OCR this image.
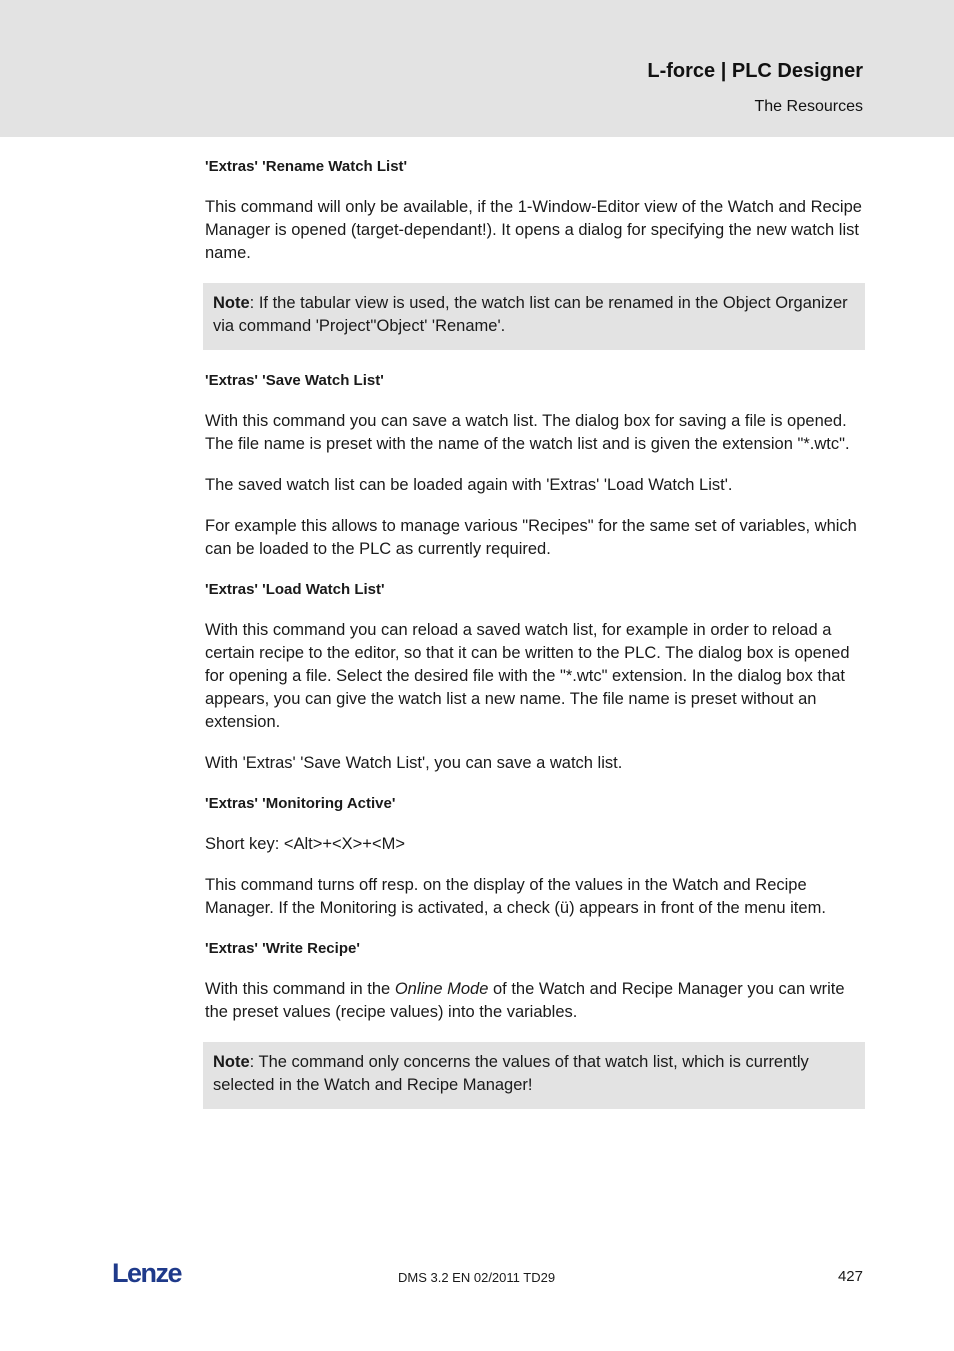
L-force | PLC Designer
The Resources
'Extras' 'Rename Watch List'

This command will only be available, if the 1-Window-Editor view of the Watch and Recipe Manager is opened (target-dependant!). It opens a dialog for specifying the new watch list name.

Note: If the tabular view is used, the watch list can be renamed in the Object Organizer via command 'Project''Object' 'Rename'.
'Extras' 'Save Watch List'

With this command you can save a watch list. The dialog box for saving a file is opened. The file name is preset with the name of the watch list and is given the extension "*.wtc".

The saved watch list can be loaded again with 'Extras' 'Load Watch List'.

For example this allows to manage various "Recipes" for the same set of variables, which can be loaded to the PLC as currently required.

'Extras' 'Load Watch List'

With this command you can reload a saved watch list, for example in order to reload a certain recipe to the editor, so that it can be written to the PLC. The dialog box is opened for opening a file. Select the desired file with the "*.wtc" extension. In the dialog box that appears, you can give the watch list a new name. The file name is preset without an extension.

With 'Extras' 'Save Watch List', you can save a watch list.

'Extras' 'Monitoring Active'

Short key: <Alt>+<X>+<M>

This command turns off resp. on the display of the values in the Watch and Recipe Manager. If the Monitoring is activated, a check (ü) appears in front of the menu item.

'Extras' 'Write Recipe'

With this command in the Online Mode of the Watch and Recipe Manager you can write the preset values (recipe values) into the variables.

Note: The command only concerns the values of that watch list, which is currently selected in the Watch and Recipe Manager!
Lenze	DMS 3.2 EN 02/2011 TD29	427
